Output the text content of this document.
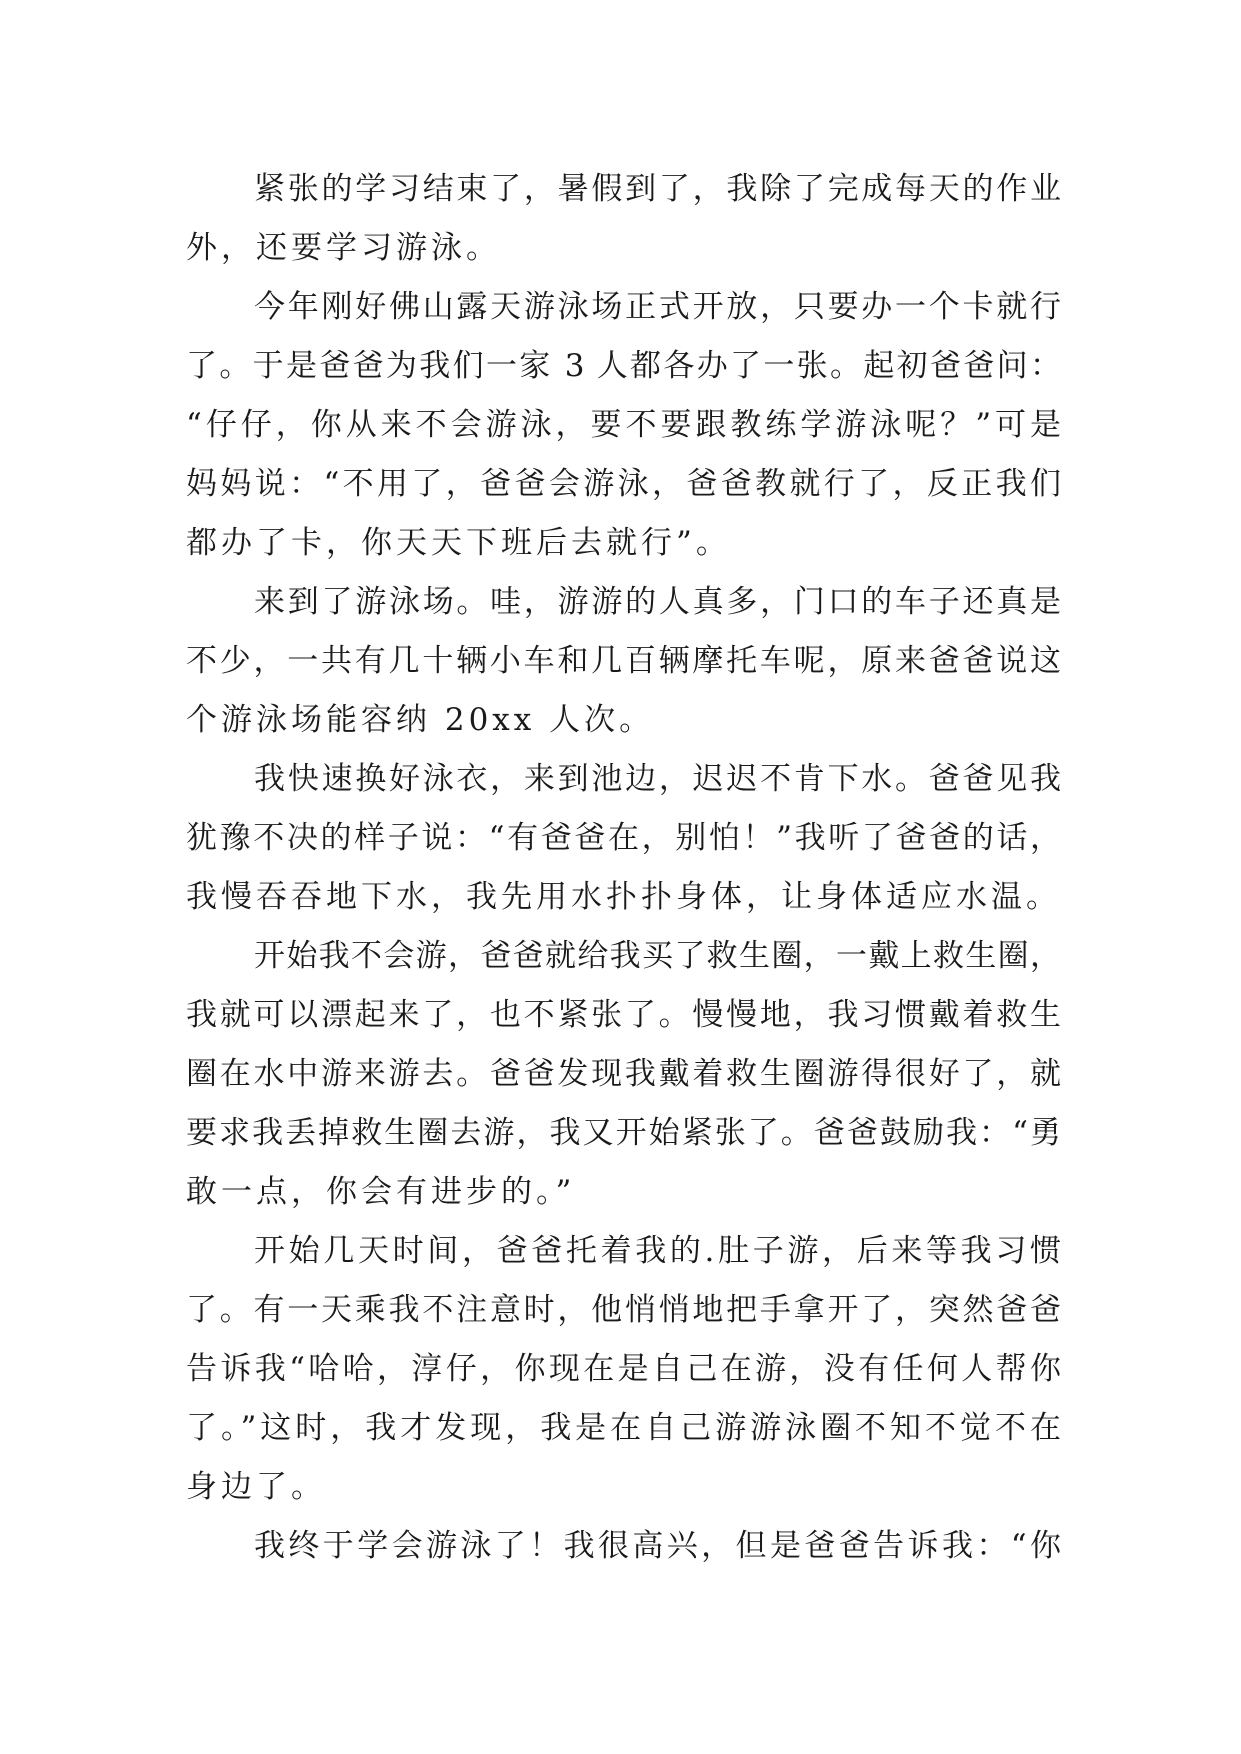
紧张的学习结束了，暑假到了，我除了完成每天的作业
外，还要学习游泳。
今年刚好佛山露天游泳场正式开放，只要办一个卡就行
了。于是爸爸为我们一家 3 人都各办了一张。起初爸爸问：
“仔仔，你从来不会游泳，要不要跟教练学游泳呢？”可是
妈妈说：“不用了，爸爸会游泳，爸爸教就行了，反正我们
都办了卡，你天天下班后去就行”。
来到了游泳场。哇，游游的人真多，门口的车子还真是
不少，一共有几十辆小车和几百辆摩托车呢，原来爸爸说这
个游泳场能容纳 20xx 人次。
我快速换好泳衣，来到池边，迟迟不肯下水。爸爸见我
犹豫不决的样子说：“有爸爸在，别怕！”我听了爸爸的话，
我慢吞吞地下水，我先用水扑扑身体，让身体适应水温。
开始我不会游，爸爸就给我买了救生圈，一戴上救生圈，
我就可以漂起来了，也不紧张了。慢慢地，我习惯戴着救生
圈在水中游来游去。爸爸发现我戴着救生圈游得很好了，就
要求我丢掉救生圈去游，我又开始紧张了。爸爸鼓励我：“勇
敢一点，你会有进步的。”
开始几天时间，爸爸托着我的.肚子游，后来等我习惯
了。有一天乘我不注意时，他悄悄地把手拿开了，突然爸爸
告诉我“哈哈，淳仔，你现在是自己在游，没有任何人帮你
了。”这时，我才发现，我是在自己游游泳圈不知不觉不在
身边了。
我终于学会游泳了！我很高兴，但是爸爸告诉我：“你
